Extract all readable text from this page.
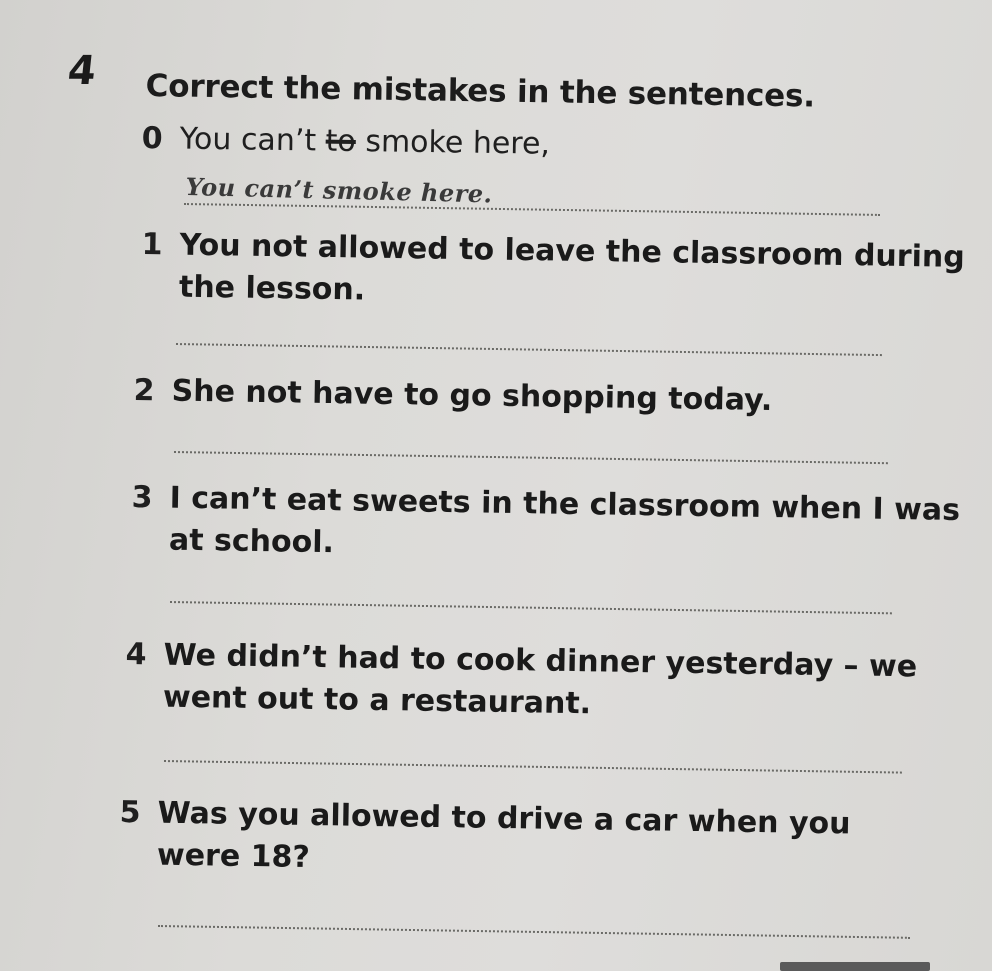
4 Correct the mistakes in the sentences.
0 You can’t to smoke here,
You can’t smoke here.
1 You not allowed to leave the classroom during
the lesson.
2 She not have to go shopping today.
3 I can’t eat sweets in the classroom when I was
at school.
4 We didn’t had to cook dinner yesterday – we
went out to a restaurant.
5 Was you allowed to drive a car when you
were 18?
